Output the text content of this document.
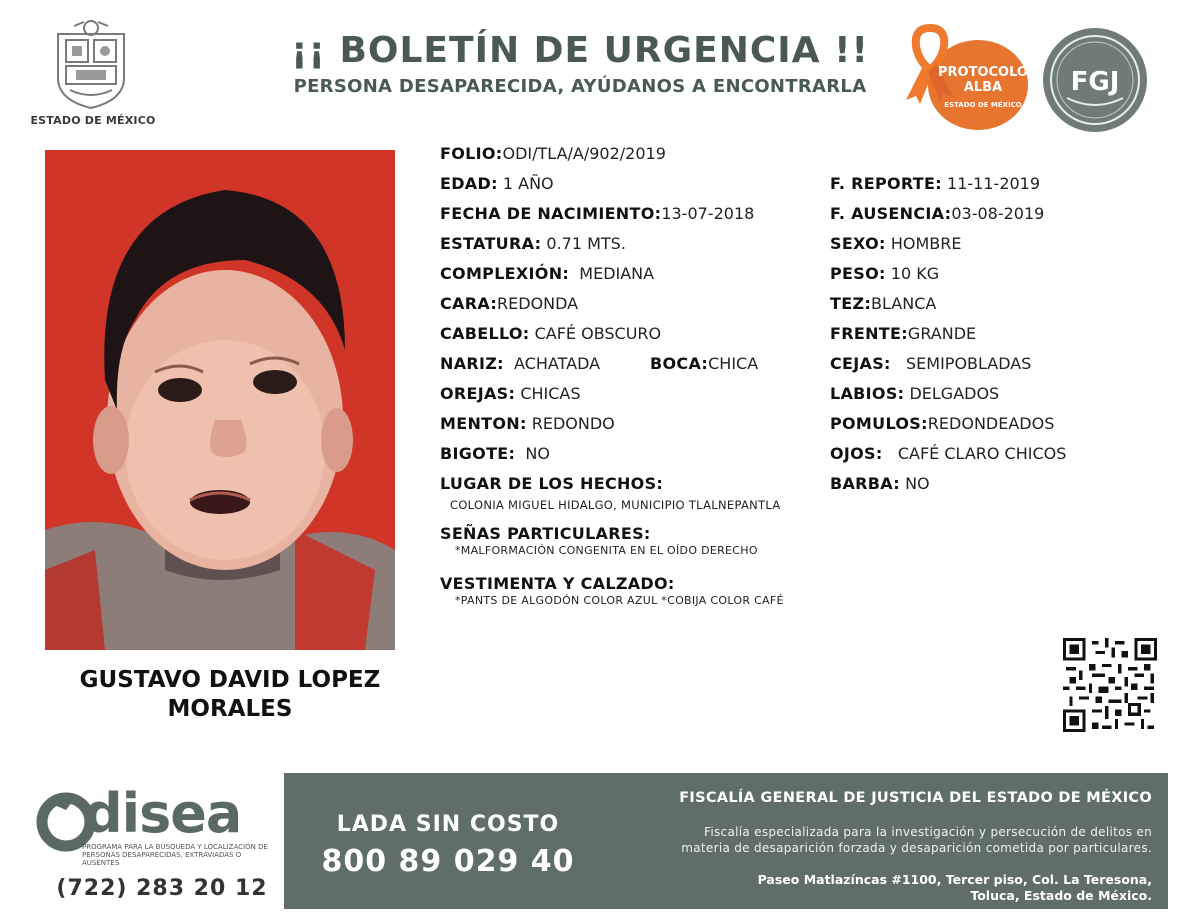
ESTADO DE MÉXICO
¡¡ BOLETÍN DE URGENCIA !!
PERSONA DESAPARECIDA, AYÚDANOS A ENCONTRARLA
PROTOCOLO
ALBA
ESTADO DE MÉXICO
FGJ
GUSTAVO DAVID LOPEZ
MORALES
FOLIO:ODI/TLA/A/902/2019
EDAD: 1 AÑO
FECHA DE NACIMIENTO:13-07-2018
ESTATURA: 0.71 MTS.
COMPLEXIÓN: MEDIANA
CARA:REDONDA
CABELLO: CAFÉ OBSCURO
NARIZ: ACHATADA	BOCA:CHICA
OREJAS: CHICAS
MENTON: REDONDO
BIGOTE: NO
LUGAR DE LOS HECHOS:
COLONIA MIGUEL HIDALGO, MUNICIPIO TLALNEPANTLA
SEÑAS PARTICULARES:
*MALFORMACIÓN CONGENITA EN EL OÍDO DERECHO
VESTIMENTA Y CALZADO:
*PANTS DE ALGODÓN COLOR AZUL *COBIJA COLOR CAFÉ
F. REPORTE: 11-11-2019
F. AUSENCIA:03-08-2019
SEXO: HOMBRE
PESO: 10 KG
TEZ:BLANCA
FRENTE:GRANDE
CEJAS: SEMIPOBLADAS
LABIOS: DELGADOS
POMULOS:REDONDEADOS
OJOS: CAFÉ CLARO CHICOS
BARBA: NO
disea
PROGRAMA PARA LA BÚSQUEDA Y LOCALIZACIÓN DE PERSONAS DESAPARECIDAS, EXTRAVIADAS O AUSENTES
(722) 283 20 12
LADA SIN COSTO
800 89 029 40
FISCALÍA GENERAL DE JUSTICIA DEL ESTADO DE MÉXICO
Fiscalía especializada para la investigación y persecución de delitos en
materia de desaparición forzada y desaparición cometida por particulares.
Paseo Matlazíncas #1100, Tercer piso, Col. La Teresona,
Toluca, Estado de México.
